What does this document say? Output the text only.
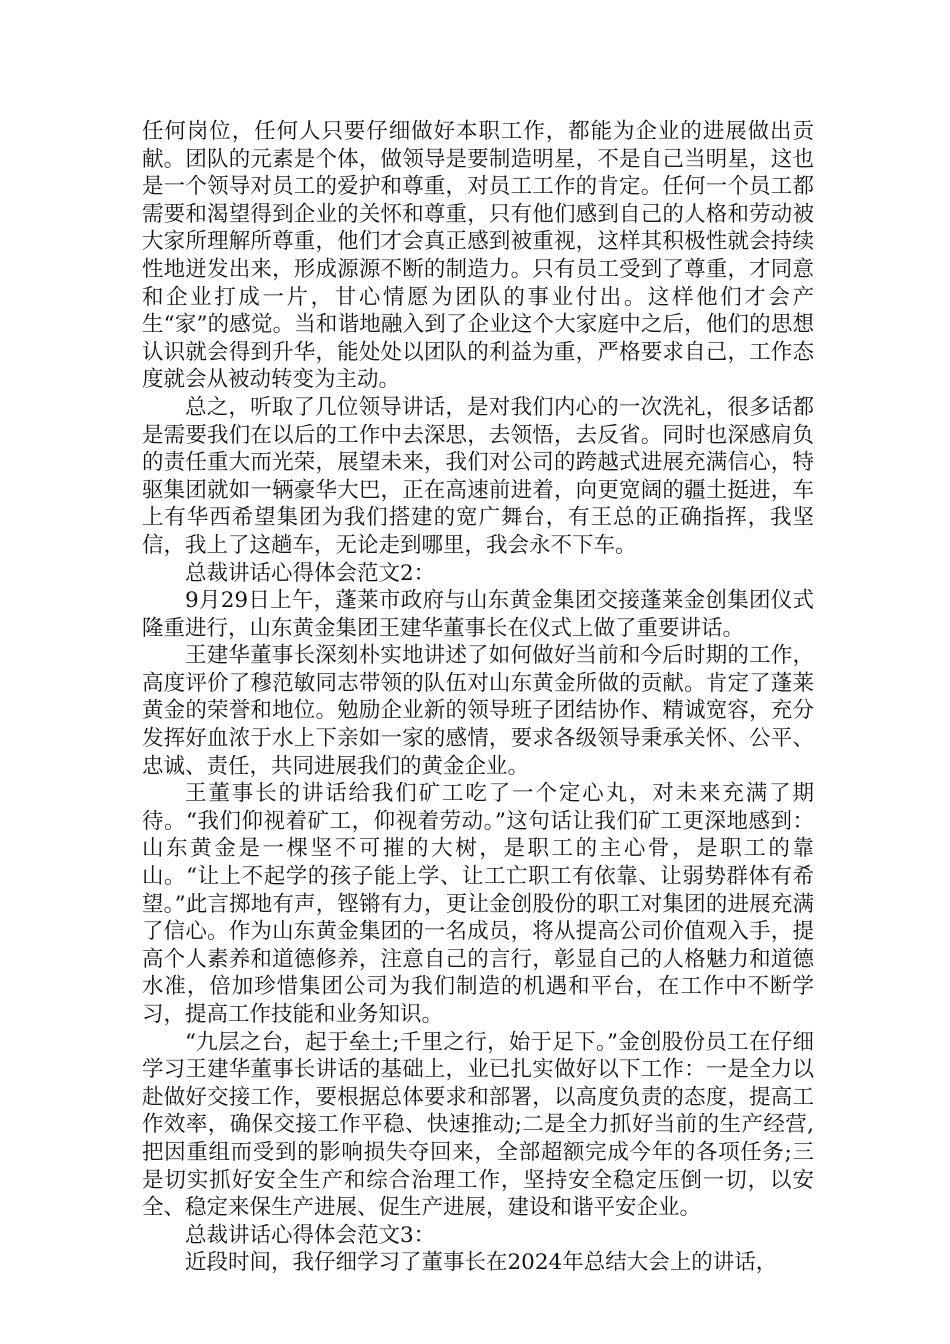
任何岗位，任何人只要仔细做好本职工作，都能为企业的进展做出贡献。团队的元素是个体，做领导是要制造明星，不是自己当明星，这也是一个领导对员工的爱护和尊重，对员工工作的肯定。任何一个员工都需要和渴望得到企业的关怀和尊重，只有他们感到自己的人格和劳动被大家所理解所尊重，他们才会真正感到被重视，这样其积极性就会持续性地迸发出来，形成源源不断的制造力。只有员工受到了尊重，才同意和企业打成一片，甘心情愿为团队的事业付出。这样他们才会产生“家”的感觉。当和谐地融入到了企业这个大家庭中之后，他们的思想认识就会得到升华，能处处以团队的利益为重，严格要求自己，工作态度就会从被动转变为主动。

总之，听取了几位领导讲话，是对我们内心的一次洗礼，很多话都是需要我们在以后的工作中去深思，去领悟，去反省。同时也深感肩负的责任重大而光荣，展望未来，我们对公司的跨越式进展充满信心，特驱集团就如一辆豪华大巴，正在高速前进着，向更宽阔的疆土挺进，车上有华西希望集团为我们搭建的宽广舞台，有王总的正确指挥，我坚信，我上了这趟车，无论走到哪里，我会永不下车。

总裁讲话心得体会范文2：

9月29日上午，蓬莱市政府与山东黄金集团交接蓬莱金创集团仪式隆重进行，山东黄金集团王建华董事长在仪式上做了重要讲话。

王建华董事长深刻朴实地讲述了如何做好当前和今后时期的工作，高度评价了穆范敏同志带领的队伍对山东黄金所做的贡献。肯定了蓬莱黄金的荣誉和地位。勉励企业新的领导班子团结协作、精诚宽容，充分发挥好血浓于水上下亲如一家的感情，要求各级领导秉承关怀、公平、忠诚、责任，共同进展我们的黄金企业。

王董事长的讲话给我们矿工吃了一个定心丸，对未来充满了期待。“我们仰视着矿工，仰视着劳动。”这句话让我们矿工更深地感到：山东黄金是一棵坚不可摧的大树，是职工的主心骨，是职工的靠山。“让上不起学的孩子能上学、让工亡职工有依靠、让弱势群体有希望。”此言掷地有声，铿锵有力，更让金创股份的职工对集团的进展充满了信心。作为山东黄金集团的一名成员，将从提高公司价值观入手，提高个人素养和道德修养，注意自己的言行，彰显自己的人格魅力和道德水准，倍加珍惜集团公司为我们制造的机遇和平台，在工作中不断学习，提高工作技能和业务知识。

“九层之台，起于垒土;千里之行，始于足下。”金创股份员工在仔细学习王建华董事长讲话的基础上，业已扎实做好以下工作：一是全力以赴做好交接工作，要根据总体要求和部署，以高度负责的态度，提高工作效率，确保交接工作平稳、快速推动;二是全力抓好当前的生产经营,把因重组而受到的影响损失夺回来，全部超额完成今年的各项任务;三是切实抓好安全生产和综合治理工作，坚持安全稳定压倒一切，以安全、稳定来保生产进展、促生产进展，建设和谐平安企业。

总裁讲话心得体会范文3：

近段时间，我仔细学习了董事长在2024年总结大会上的讲话，
